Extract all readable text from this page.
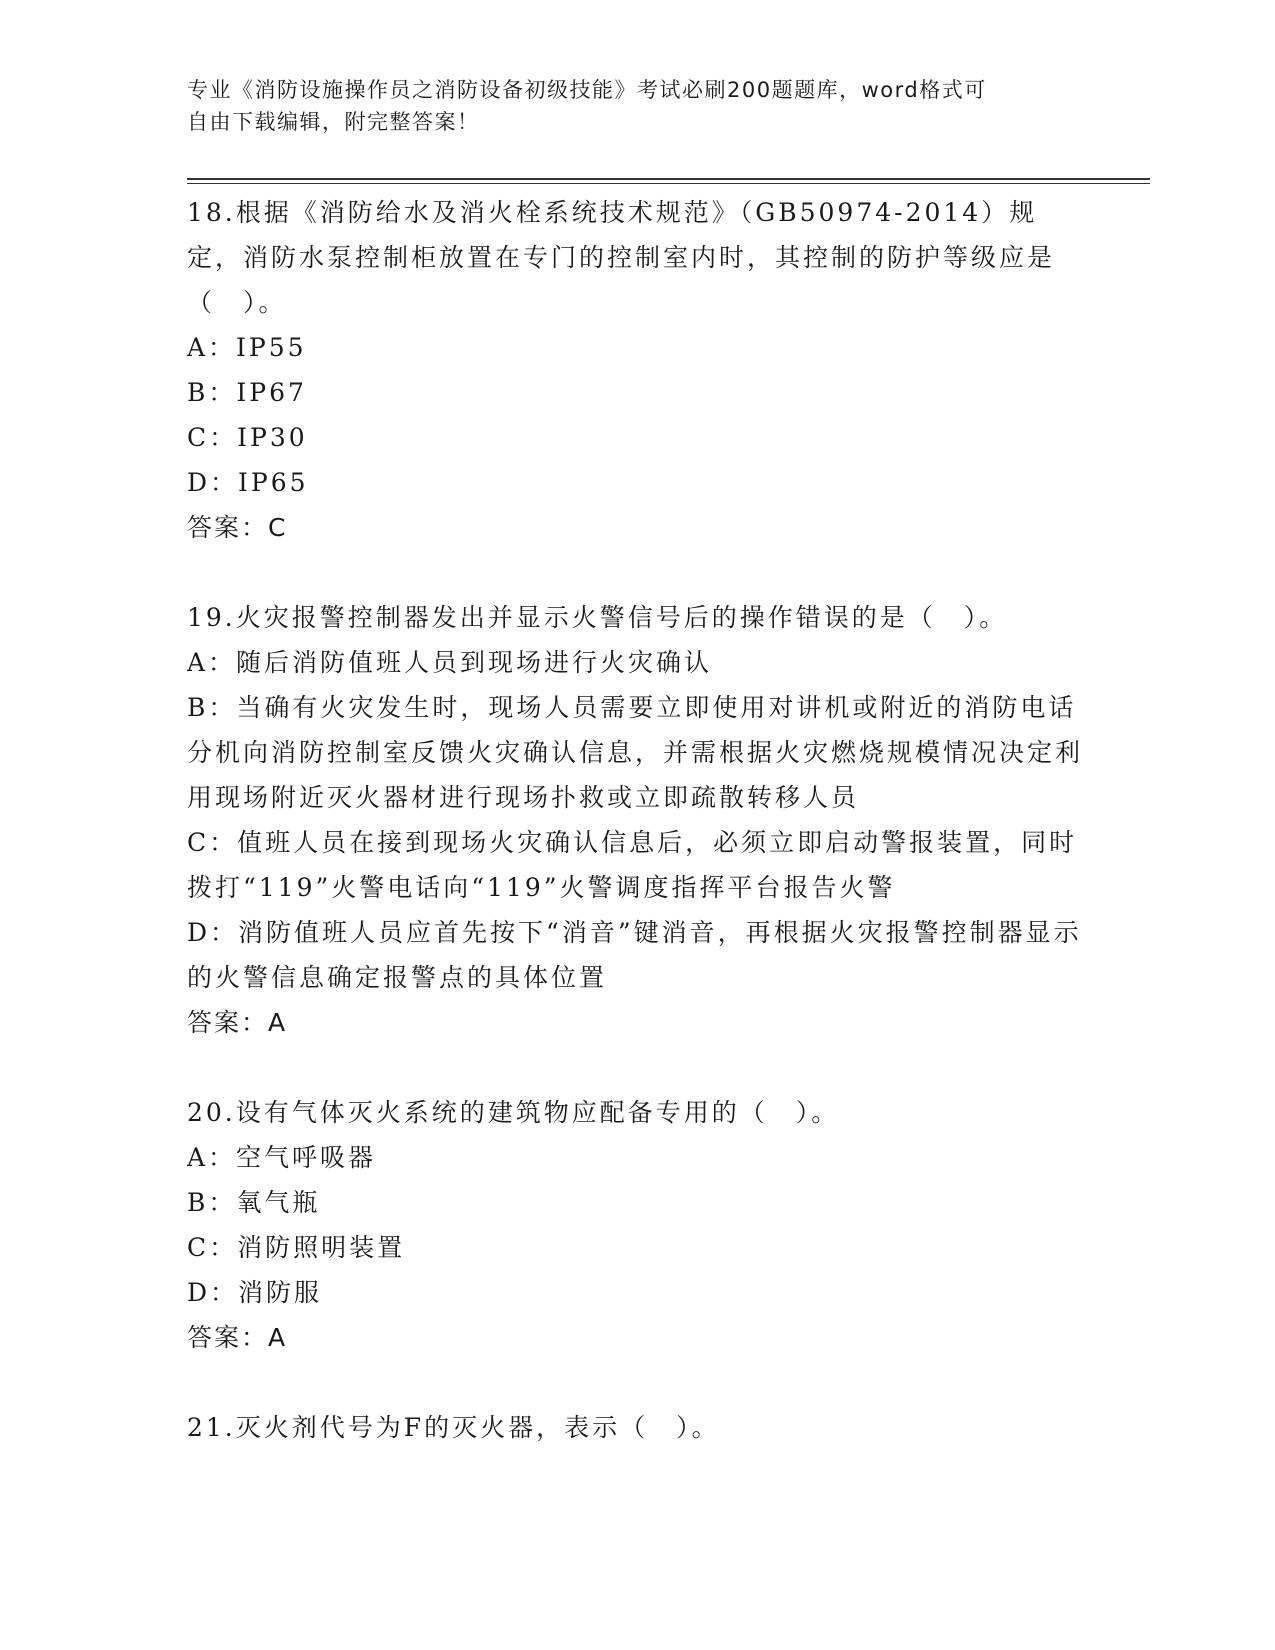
专业《消防设施操作员之消防设备初级技能》考试必刷200题题库，word格式可
自由下载编辑，附完整答案！

18.根据《消防给水及消火栓系统技术规范》（GB50974-2014）规定，消防水泵控制柜放置在专门的控制室内时，其控制的防护等级应是（　）。

A：IP55

B：IP67

C：IP30

D：IP65

答案：C

19.火灾报警控制器发出并显示火警信号后的操作错误的是（　）。

A：随后消防值班人员到现场进行火灾确认

B：当确有火灾发生时，现场人员需要立即使用对讲机或附近的消防电话分机向消防控制室反馈火灾确认信息，并需根据火灾燃烧规模情况决定利用现场附近灭火器材进行现场扑救或立即疏散转移人员

C：值班人员在接到现场火灾确认信息后，必须立即启动警报装置，同时拨打“119”火警电话向“119”火警调度指挥平台报告火警

D：消防值班人员应首先按下“消音”键消音，再根据火灾报警控制器显示的火警信息确定报警点的具体位置

答案：A

20.设有气体灭火系统的建筑物应配备专用的（　）。

A：空气呼吸器

B：氧气瓶

C：消防照明装置

D：消防服

答案：A

21.灭火剂代号为F的灭火器，表示（　）。
